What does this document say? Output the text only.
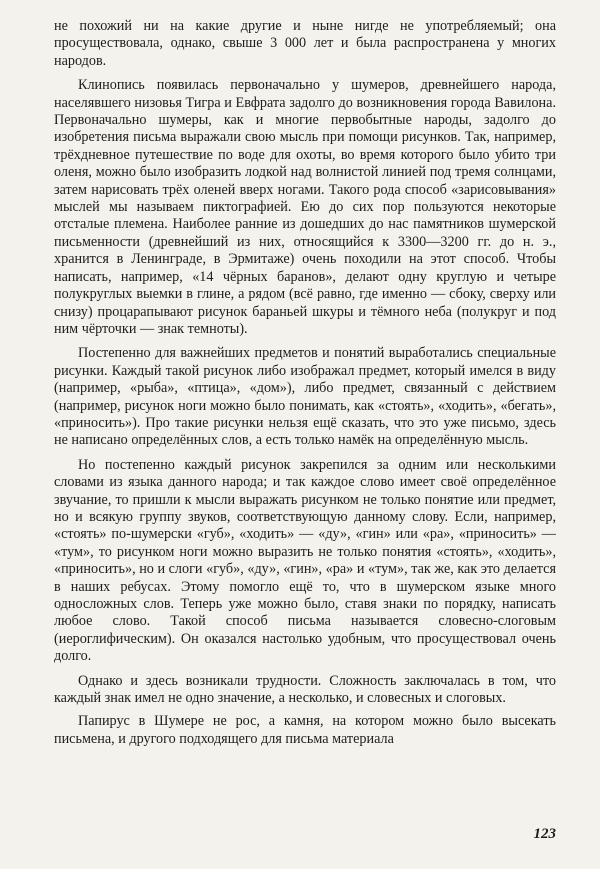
не похожий ни на какие другие и ныне нигде не употребляемый; она просуществовала, однако, свыше 3 000 лет и была распространена у многих народов.

Клинопись появилась первоначально у шумеров, древнейшего народа, населявшего низовья Тигра и Евфрата задолго до возникновения города Вавилона. Первоначально шумеры, как и многие первобытные народы, задолго до изобретения письма выражали свою мысль при помощи рисунков. Так, например, трёхдневное путешествие по воде для охоты, во время которого было убито три оленя, можно было изобразить лодкой над волнистой линией под тремя солнцами, затем нарисовать трёх оленей вверх ногами. Такого рода способ «зарисовывания» мыслей мы называем пиктографией. Ею до сих пор пользуются некоторые отсталые племена. Наиболее ранние из дошедших до нас памятников шумерской письменности (древнейший из них, относящийся к 3300—3200 гг. до н. э., хранится в Ленинграде, в Эрмитаже) очень походили на этот способ. Чтобы написать, например, «14 чёрных баранов», делают одну круглую и четыре полукруглых выемки в глине, а рядом (всё равно, где именно — сбоку, сверху или снизу) процарапывают рисунок бараньей шкуры и тёмного неба (полукруг и под ним чёрточки — знак темноты).

Постепенно для важнейших предметов и понятий выработались специальные рисунки. Каждый такой рисунок либо изображал предмет, который имелся в виду (например, «рыба», «птица», «дом»), либо предмет, связанный с действием (например, рисунок ноги можно было понимать, как «стоять», «ходить», «бегать», «приносить»). Про такие рисунки нельзя ещё сказать, что это уже письмо, здесь не написано определённых слов, а есть только намёк на определённую мысль.

Но постепенно каждый рисунок закрепился за одним или несколькими словами из языка данного народа; и так каждое слово имеет своё определённое звучание, то пришли к мысли выражать рисунком не только понятие или предмет, но и всякую группу звуков, соответствующую данному слову. Если, например, «стоять» по-шумерски «губ», «ходить» — «ду», «гин» или «ра», «приносить» — «тум», то рисунком ноги можно выразить не только понятия «стоять», «ходить», «приносить», но и слоги «губ», «ду», «гин», «ра» и «тум», так же, как это делается в наших ребусах. Этому помогло ещё то, что в шумерском языке много односложных слов. Теперь уже можно было, ставя знаки по порядку, написать любое слово. Такой способ письма называется словесно-слоговым (иероглифическим). Он оказался настолько удобным, что просуществовал очень долго.

Однако и здесь возникали трудности. Сложность заключалась в том, что каждый знак имел не одно значение, а несколько, и словесных и слоговых.

Папирус в Шумере не рос, а камня, на котором можно было высекать письмена, и другого подходящего для письма материала

123
